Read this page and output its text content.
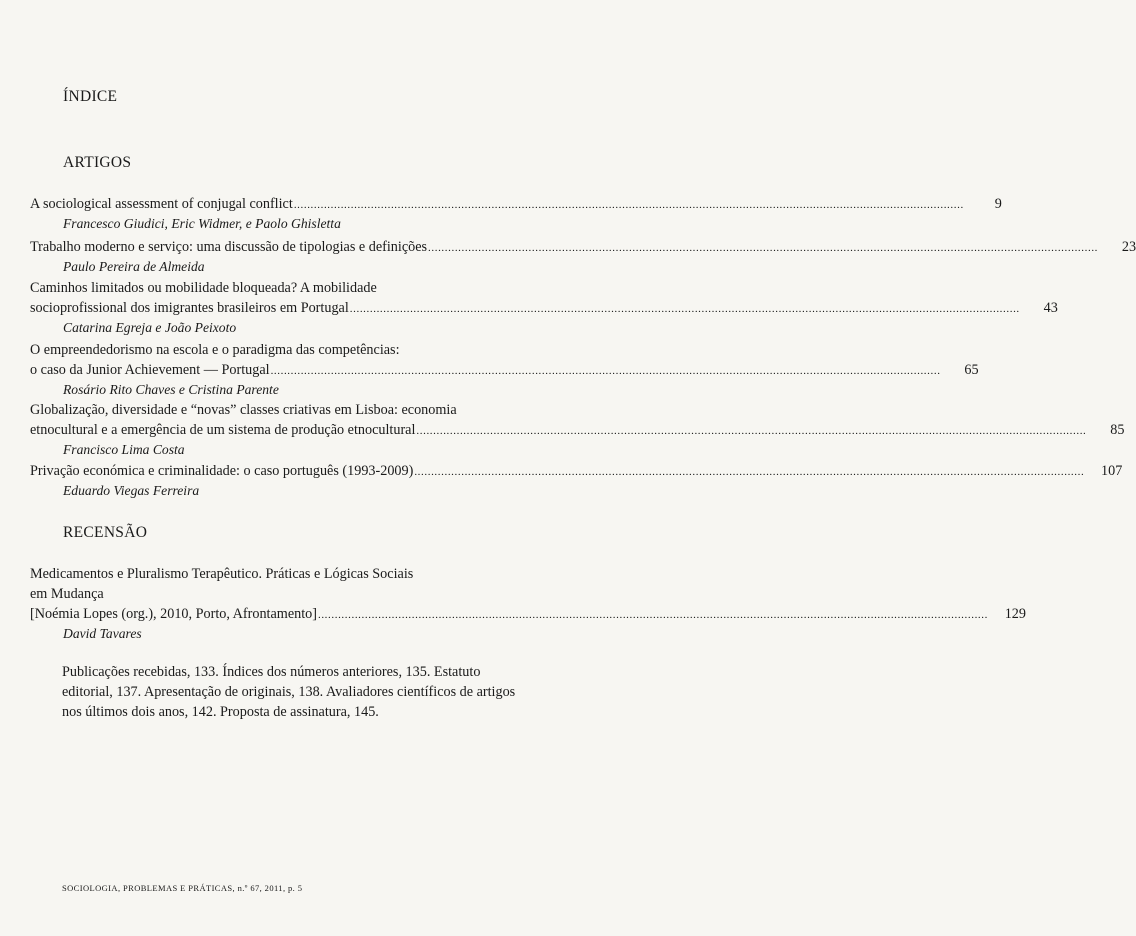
ÍNDICE
ARTIGOS
A sociological assessment of conjugal conflict ........................................................................................................................................................................................................	9
Francesco Giudici, Eric Widmer, e Paolo Ghisletta
Trabalho moderno e serviço: uma discussão de tipologias e definições ........................................................................................................................................................................................................	23
Paulo Pereira de Almeida
Caminhos limitados ou mobilidade bloqueada? A mobilidade
socioprofissional dos imigrantes brasileiros em Portugal ........................................................................................................................................................................................................	43
Catarina Egreja e João Peixoto
O empreendedorismo na escola e o paradigma das competências:
o caso da Junior Achievement — Portugal ........................................................................................................................................................................................................	65
Rosário Rito Chaves e Cristina Parente
Globalização, diversidade e “novas” classes criativas em Lisboa: economia
etnocultural e a emergência de um sistema de produção etnocultural ........................................................................................................................................................................................................	85
Francisco Lima Costa
Privação económica e criminalidade: o caso português (1993-2009) ........................................................................................................................................................................................................	107
Eduardo Viegas Ferreira
RECENSÃO
Medicamentos e Pluralismo Terapêutico. Práticas e Lógicas Sociais
em Mudança
[Noémia Lopes (org.), 2010, Porto, Afrontamento] ........................................................................................................................................................................................................	129
David Tavares
Publicações recebidas, 133. Índices dos números anteriores, 135. Estatuto editorial, 137. Apresentação de originais, 138. Avaliadores científicos de artigos nos últimos dois anos, 142. Proposta de assinatura, 145.
SOCIOLOGIA, PROBLEMAS E PRÁTICAS, n.º 67, 2011, p. 5
